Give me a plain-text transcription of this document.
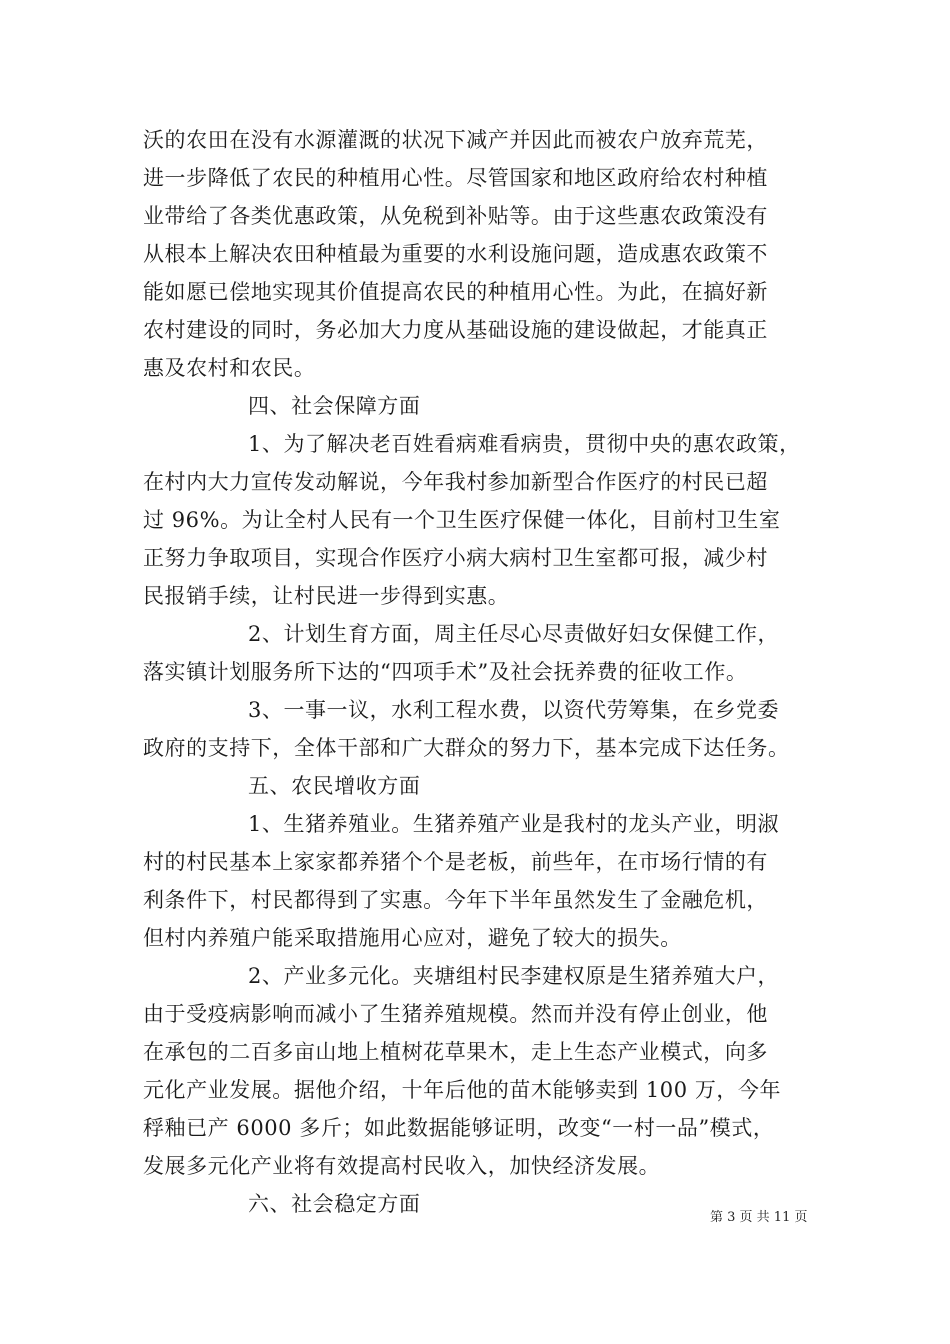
沃的农田在没有水源灌溉的状况下减产并因此而被农户放弃荒芜，
进一步降低了农民的种植用心性。尽管国家和地区政府给农村种植
业带给了各类优惠政策，从免税到补贴等。由于这些惠农政策没有
从根本上解决农田种植最为重要的水利设施问题，造成惠农政策不
能如愿已偿地实现其价值提高农民的种植用心性。为此，在搞好新
农村建设的同时，务必加大力度从基础设施的建设做起，才能真正
惠及农村和农民。
四、社会保障方面
1、为了解决老百姓看病难看病贵，贯彻中央的惠农政策，
在村内大力宣传发动解说，今年我村参加新型合作医疗的村民已超
过 96%。为让全村人民有一个卫生医疗保健一体化，目前村卫生室
正努力争取项目，实现合作医疗小病大病村卫生室都可报，减少村
民报销手续，让村民进一步得到实惠。
2、计划生育方面，周主任尽心尽责做好妇女保健工作，
落实镇计划服务所下达的“四项手术”及社会抚养费的征收工作。
3、一事一议，水利工程水费，以资代劳筹集，在乡党委
政府的支持下，全体干部和广大群众的努力下，基本完成下达任务。
五、农民增收方面
1、生猪养殖业。生猪养殖产业是我村的龙头产业，明淑
村的村民基本上家家都养猪个个是老板，前些年，在市场行情的有
利条件下，村民都得到了实惠。今年下半年虽然发生了金融危机，
但村内养殖户能采取措施用心应对，避免了较大的损失。
2、产业多元化。夹塘组村民李建权原是生猪养殖大户，
由于受疫病影响而减小了生猪养殖规模。然而并没有停止创业，他
在承包的二百多亩山地上植树花草果木，走上生态产业模式，向多
元化产业发展。据他介绍，十年后他的苗木能够卖到 100 万，今年
稃釉已产 6000 多斤；如此数据能够证明，改变“一村一品”模式，
发展多元化产业将有效提高村民收入，加快经济发展。
六、社会稳定方面
第 3 页 共 11 页
